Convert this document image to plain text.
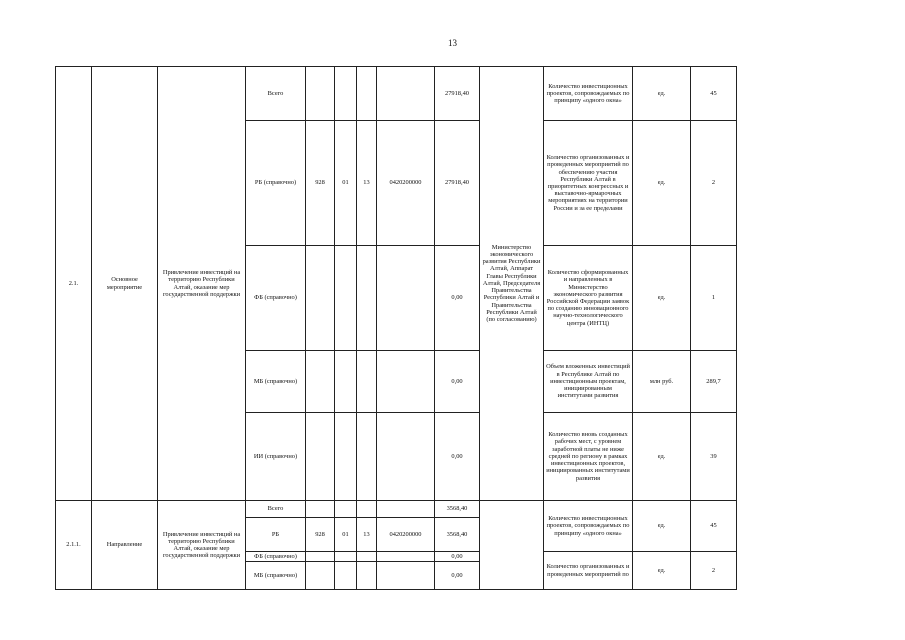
13
2.1.	Основное мероприятие	Привлечение инвестиций на территорию Республики Алтай, оказание мер государственной поддержки	Всего					27918,40	Министерство экономического развития Республики Алтай, Аппарат Главы Республики Алтай, Председателя Правительства Республики Алтай и Правительства Республики Алтай (по согласованию)	Количество инвестиционных проектов, сопровождаемых по принципу «одного окна»	ед.	45
			РБ (справочно)	928	01	13	0420200000	27918,40		Количество организованных и проведенных мероприятий по обеспечению участия Республики Алтай в приоритетных конгрессных и выставочно-ярмарочных мероприятиях на территории России и за ее пределами	ед.	2
			ФБ (справочно)					0,00		Количество сформированных и направленных в Министерство экономического развития Российской Федерации заявок по созданию инновационного научно-технологического центра (ИНТЦ)	ед.	1
			МБ (справочно)					0,00		Объем вложенных инвестиций в Республике Алтай по инвестиционным проектам, инициированным институтами развития	млн руб.	289,7
			ИИ (справочно)					0,00		Количество вновь созданных рабочих мест, с уровнем заработной платы не ниже средней по региону в рамках инвестиционных проектов, инициированных институтами развития	ед.	39
2.1.1.	Направление	Привлечение инвестиций на территорию Республики Алтай, оказание мер государственной поддержки	Всего					3568,40		Количество инвестиционных проектов, сопровождаемых по принципу «одного окна»	ед.	45
			РБ	928	01	13	0420200000	3568,40				
			ФБ (справочно)					0,00		Количество организованных и проведенных мероприятий по	ед.	2
			МБ (справочно)					0,00				
